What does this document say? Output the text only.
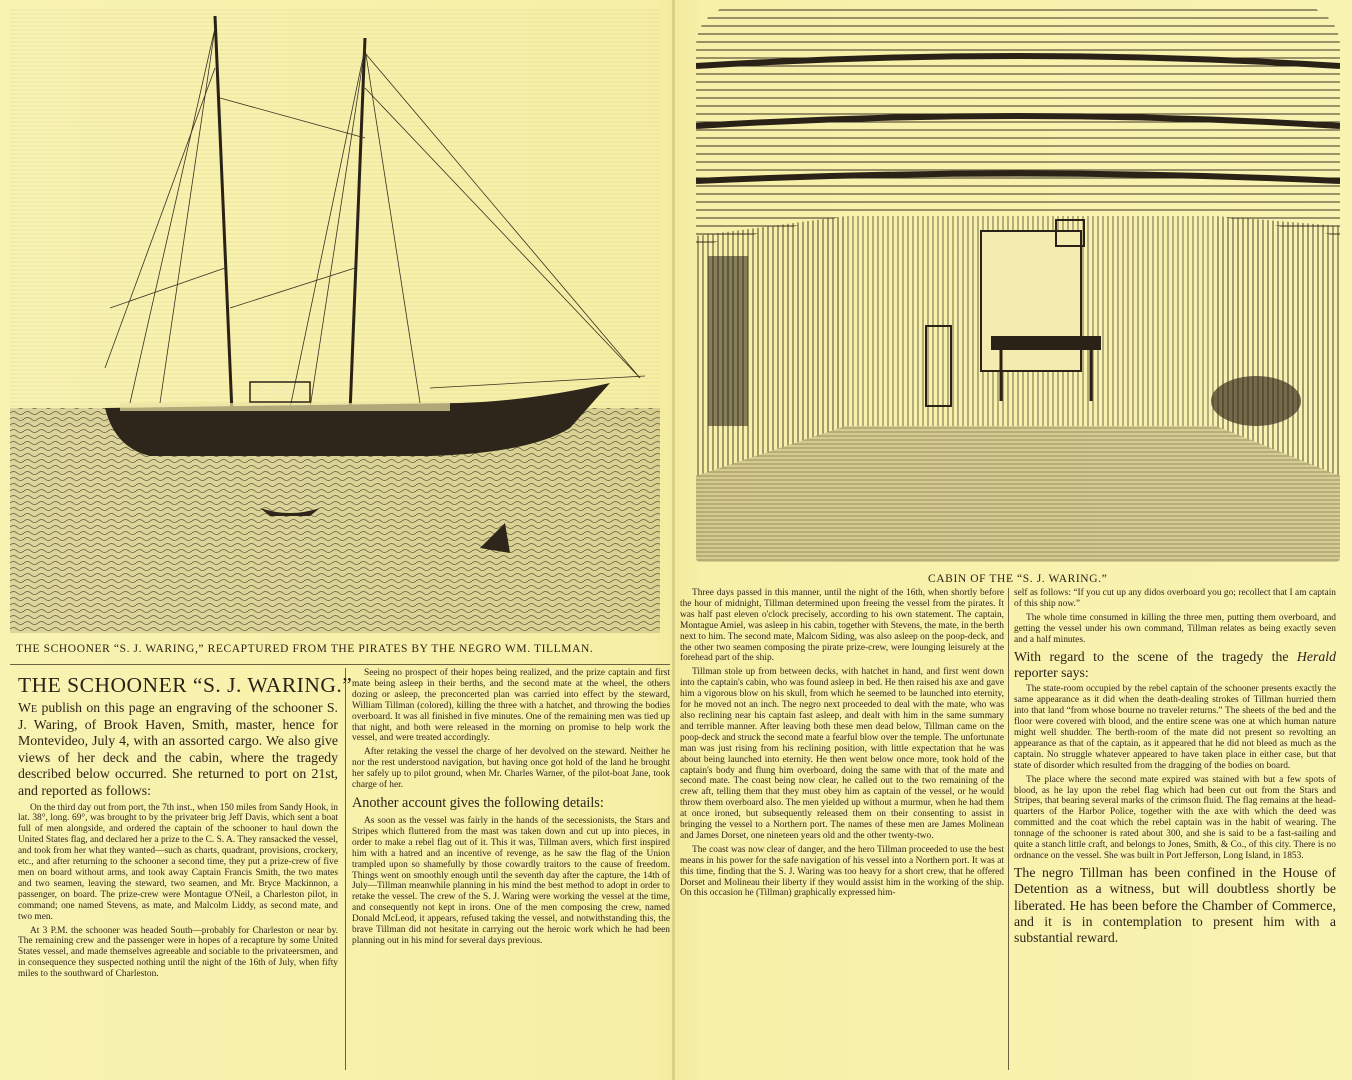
THE SCHOONER “S. J. WARING,” RECAPTURED FROM THE PIRATES BY THE NEGRO WM. TILLMAN.
CABIN OF THE “S. J. WARING.”
THE SCHOONER “S. J. WARING.”

We publish on this page an engraving of the schooner S. J. Waring, of Brook Haven, Smith, master, hence for Montevideo, July 4, with an assorted cargo. We also give views of her deck and the cabin, where the tragedy described below occurred. She returned to port on 21st, and reported as follows:

On the third day out from port, the 7th inst., when 150 miles from Sandy Hook, in lat. 38°, long. 69°, was brought to by the privateer brig Jeff Davis, which sent a boat full of men alongside, and ordered the captain of the schooner to haul down the United States flag, and declared her a prize to the C. S. A. They ransacked the vessel, and took from her what they wanted—such as charts, quadrant, provisions, crockery, etc., and after returning to the schooner a second time, they put a prize-crew of five men on board without arms, and took away Captain Francis Smith, the two mates and two seamen, leaving the steward, two seamen, and Mr. Bryce Mackinnon, a passenger, on board. The prize-crew were Montague O'Neil, a Charleston pilot, in command; one named Stevens, as mate, and Malcolm Liddy, as second mate, and two men.

At 3 P.M. the schooner was headed South—probably for Charleston or near by. The remaining crew and the passenger were in hopes of a recapture by some United States vessel, and made themselves agreeable and sociable to the privateersmen, and in consequence they suspected nothing until the night of the 16th of July, when fifty miles to the southward of Charleston.

Seeing no prospect of their hopes being realized, and the prize captain and first mate being asleep in their berths, and the second mate at the wheel, the others dozing or asleep, the preconcerted plan was carried into effect by the steward, William Tillman (colored), killing the three with a hatchet, and throwing the bodies overboard. It was all finished in five minutes. One of the remaining men was tied up that night, and both were released in the morning on promise to help work the vessel, and were treated accordingly.

After retaking the vessel the charge of her devolved on the steward. Neither he nor the rest understood navigation, but having once got hold of the land he brought her safely up to pilot ground, when Mr. Charles Warner, of the pilot-boat Jane, took charge of her.

Another account gives the following details:

As soon as the vessel was fairly in the hands of the secessionists, the Stars and Stripes which fluttered from the mast was taken down and cut up into pieces, in order to make a rebel flag out of it. This it was, Tillman avers, which first inspired him with a hatred and an incentive of revenge, as he saw the flag of the Union trampled upon so shamefully by those cowardly traitors to the cause of freedom. Things went on smoothly enough until the seventh day after the capture, the 14th of July—Tillman meanwhile planning in his mind the best method to adopt in order to retake the vessel. The crew of the S. J. Waring were working the vessel at the time, and consequently not kept in irons. One of the men composing the crew, named Donald McLeod, it appears, refused taking the vessel, and notwithstanding this, the brave Tillman did not hesitate in carrying out the heroic work which he had been planning out in his mind for several days previous.

Three days passed in this manner, until the night of the 16th, when shortly before the hour of midnight, Tillman determined upon freeing the vessel from the pirates. It was half past eleven o'clock precisely, according to his own statement. The captain, Montague Amiel, was asleep in his cabin, together with Stevens, the mate, in the berth next to him. The second mate, Malcom Siding, was also asleep on the poop-deck, and the other two seamen composing the pirate prize-crew, were lounging leisurely at the forehead part of the ship.

Tillman stole up from between decks, with hatchet in hand, and first went down into the captain's cabin, who was found asleep in bed. He then raised his axe and gave him a vigorous blow on his skull, from which he seemed to be launched into eternity, for he moved not an inch. The negro next proceeded to deal with the mate, who was also reclining near his captain fast asleep, and dealt with him in the same summary and terrible manner. After leaving both these men dead below, Tillman came on the poop-deck and struck the second mate a fearful blow over the temple. The unfortunate man was just rising from his reclining position, with little expectation that he was about being launched into eternity. He then went below once more, took hold of the captain's body and flung him overboard, doing the same with that of the mate and second mate. The coast being now clear, he called out to the two remaining of the crew aft, telling them that they must obey him as captain of the vessel, or he would throw them overboard also. The men yielded up without a murmur, when he had them at once ironed, but subsequently released them on their consenting to assist in bringing the vessel to a Northern port. The names of these men are James Molinean and James Dorset, one nineteen years old and the other twenty-two.

The coast was now clear of danger, and the hero Tillman proceeded to use the best means in his power for the safe navigation of his vessel into a Northern port. It was at this time, finding that the S. J. Waring was too heavy for a short crew, that he offered Dorset and Molineau their liberty if they would assist him in the working of the ship. On this occasion he (Tillman) graphically expressed him-

self as follows: “If you cut up any didos overboard you go; recollect that I am captain of this ship now.”

The whole time consumed in killing the three men, putting them overboard, and getting the vessel under his own command, Tillman relates as being exactly seven and a half minutes.

With regard to the scene of the tragedy the Herald reporter says:

The state-room occupied by the rebel captain of the schooner presents exactly the same appearance as it did when the death-dealing strokes of Tillman hurried them into that land “from whose bourne no traveler returns.” The sheets of the bed and the floor were covered with blood, and the entire scene was one at which human nature might well shudder. The berth-room of the mate did not present so revolting an appearance as that of the captain, as it appeared that he did not bleed as much as the captain. No struggle whatever appeared to have taken place in either case, but that state of disorder which resulted from the dragging of the bodies on board.

The place where the second mate expired was stained with but a few spots of blood, as he lay upon the rebel flag which had been cut out from the Stars and Stripes, that bearing several marks of the crimson fluid. The flag remains at the head-quarters of the Harbor Police, together with the axe with which the deed was committed and the coat which the rebel captain was in the habit of wearing. The tonnage of the schooner is rated about 300, and she is said to be a fast-sailing and quite a stanch little craft, and belongs to Jones, Smith, & Co., of this city. There is no ordnance on the vessel. She was built in Port Jefferson, Long Island, in 1853.

The negro Tillman has been confined in the House of Detention as a witness, but will doubtless shortly be liberated. He has been before the Chamber of Commerce, and it is in contemplation to present him with a substantial reward.
